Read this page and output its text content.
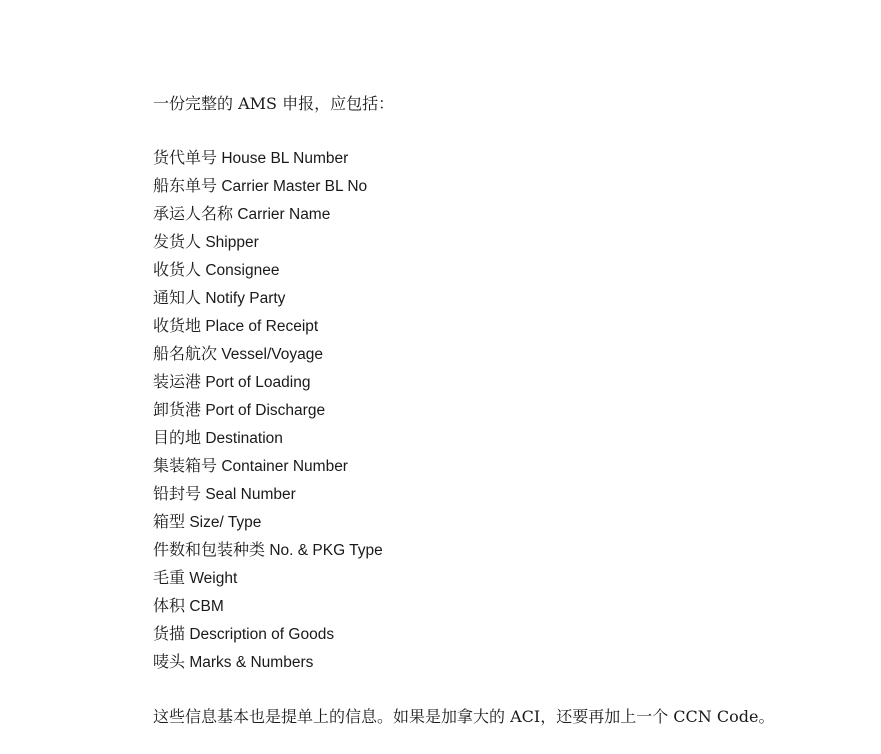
一份完整的 AMS 申报，应包括：

货代单号 House BL Number

船东单号 Carrier Master BL No

承运人名称 Carrier Name

发货人 Shipper

收货人 Consignee

通知人 Notify Party

收货地 Place of Receipt

船名航次 Vessel/Voyage

装运港 Port of Loading

卸货港 Port of Discharge

目的地 Destination

集装箱号 Container Number

铅封号 Seal Number

箱型 Size/ Type

件数和包装种类 No. & PKG Type

毛重 Weight

体积 CBM

货描 Description of Goods

唛头 Marks & Numbers

这些信息基本也是提单上的信息。如果是加拿大的 ACI，还要再加上一个 CCN Code。
